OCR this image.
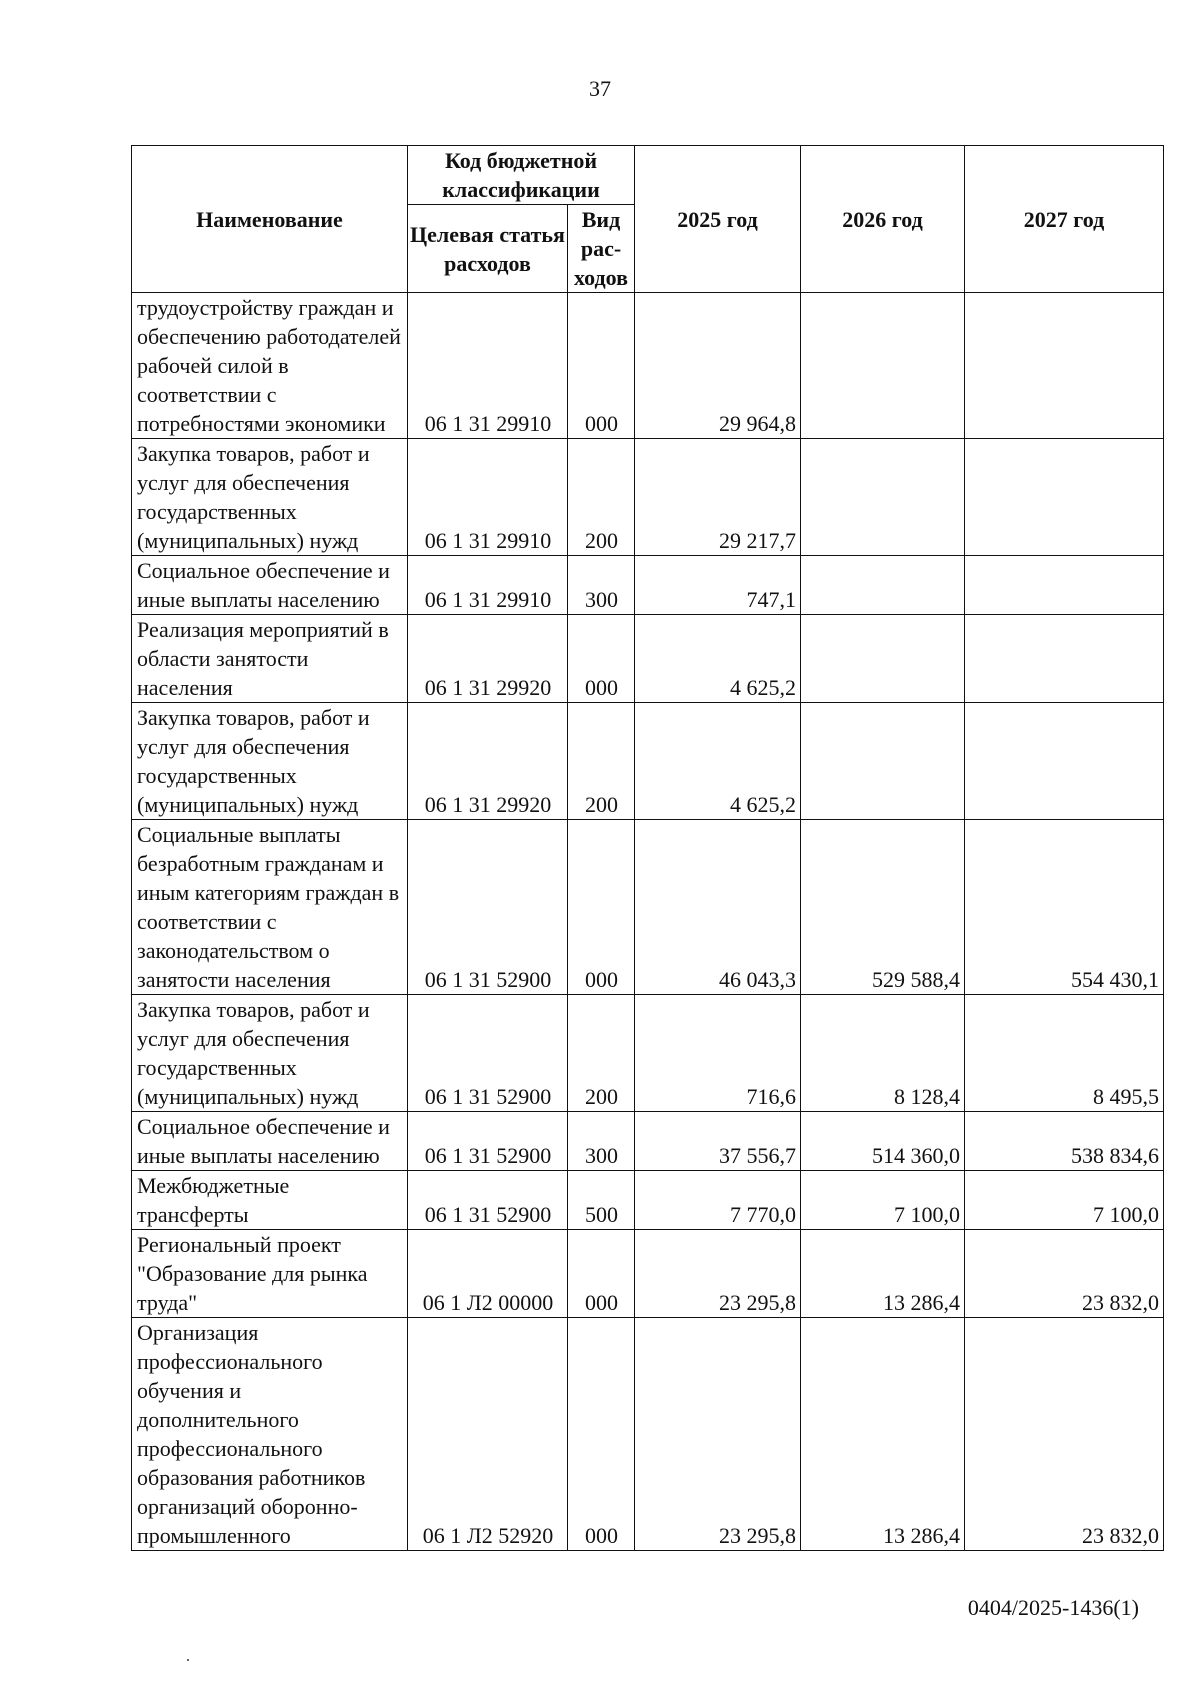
37
Наименование	Код бюджетной классификации		2025 год	2026 год	2027 год
	Целевая статья расходов	Вид рас-ходов			
трудоустройству граждан и обеспечению работодателей рабочей силой в соответствии с потребностями экономики	06 1 31 29910	000	29 964,8		
Закупка товаров, работ и услуг для обеспечения государственных (муниципальных) нужд	06 1 31 29910	200	29 217,7		
Социальное обеспечение и иные выплаты населению	06 1 31 29910	300	747,1		
Реализация мероприятий в области занятости населения	06 1 31 29920	000	4 625,2		
Закупка товаров, работ и услуг для обеспечения государственных (муниципальных) нужд	06 1 31 29920	200	4 625,2		
Социальные выплаты безработным гражданам и иным категориям граждан в соответствии с законодательством о занятости населения	06 1 31 52900	000	46 043,3	529 588,4	554 430,1
Закупка товаров, работ и услуг для обеспечения государственных (муниципальных) нужд	06 1 31 52900	200	716,6	8 128,4	8 495,5
Социальное обеспечение и иные выплаты населению	06 1 31 52900	300	37 556,7	514 360,0	538 834,6
Межбюджетные трансферты	06 1 31 52900	500	7 770,0	7 100,0	7 100,0
Региональный проект "Образование для рынка труда"	06 1 Л2 00000	000	23 295,8	13 286,4	23 832,0
Организация профессионального обучения и дополнительного профессионального образования работников организаций оборонно-промышленного	06 1 Л2 52920	000	23 295,8	13 286,4	23 832,0
0404/2025-1436(1)
